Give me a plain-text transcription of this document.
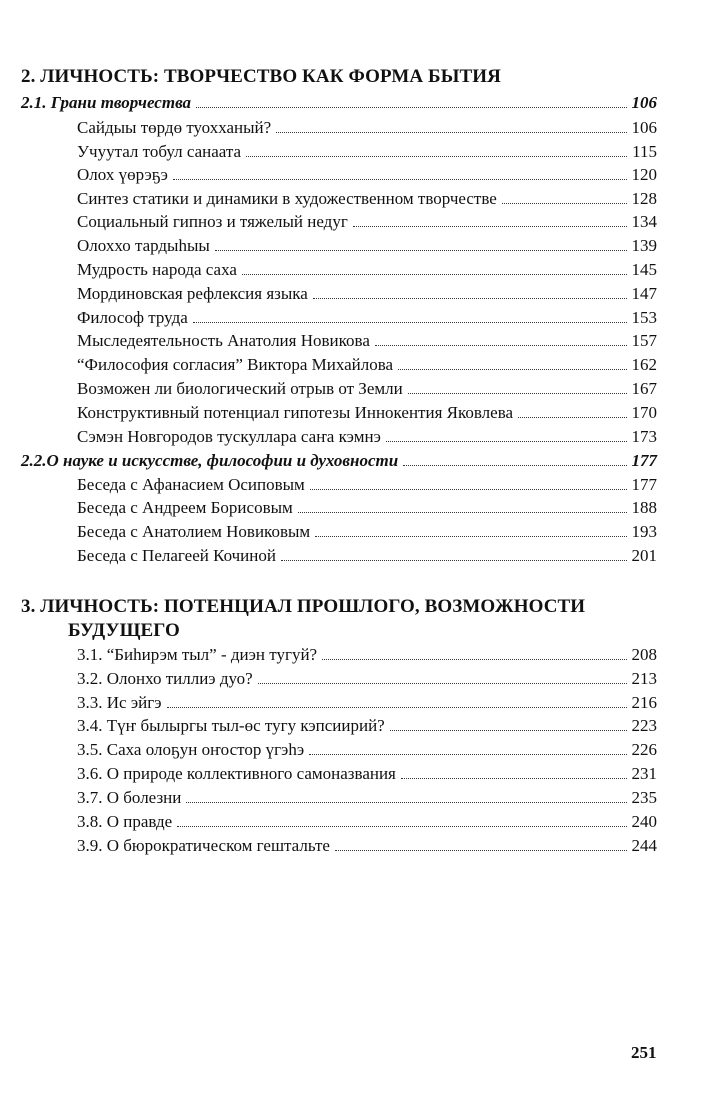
2. ЛИЧНОСТЬ: ТВОРЧЕСТВО КАК ФОРМА БЫТИЯ
2.1. Грани творчества	106
Сайдыы төрдө туохханый?	106
Учуутал тобул санаата	115
Олох үөрэҕэ	120
Синтез статики и динамики в художественном творчестве	128
Социальный гипноз и тяжелый недуг	134
Олоххо тардыhыы	139
Мудрость народа саха	145
Мординовская рефлексия языка	147
Философ труда	153
Мыследеятельность Анатолия Новикова	157
“Философия согласия” Виктора Михайлова	162
Возможен ли биологический отрыв от Земли	167
Конструктивный потенциал гипотезы Иннокентия Яковлева	170
Сэмэн Новгородов тускуллара саҥа кэмнэ	173
2.2.О науке и искусстве, философии и духовности	177
Беседа с Афанасием Осиповым	177
Беседа с Андреем Борисовым	188
Беседа с Анатолием Новиковым	193
Беседа с Пелагеей Кочиной	201
3. ЛИЧНОСТЬ: ПОТЕНЦИАЛ ПРОШЛОГО, ВОЗМОЖНОСТИ
БУДУЩЕГО
3.1. “Биhирэм тыл” - диэн тугуй?	208
3.2. Олонхо тиллиэ дуо?	213
3.3. Ис эйгэ	216
3.4. Түҥ былыргы тыл-өс тугу кэпсиирий?	223
3.5. Саха олоҕун оҥостор үгэhэ	226
3.6. О природе коллективного самоназвания	231
3.7. О болезни	235
3.8. О правде	240
3.9. О бюрократическом гештальте	244
251
